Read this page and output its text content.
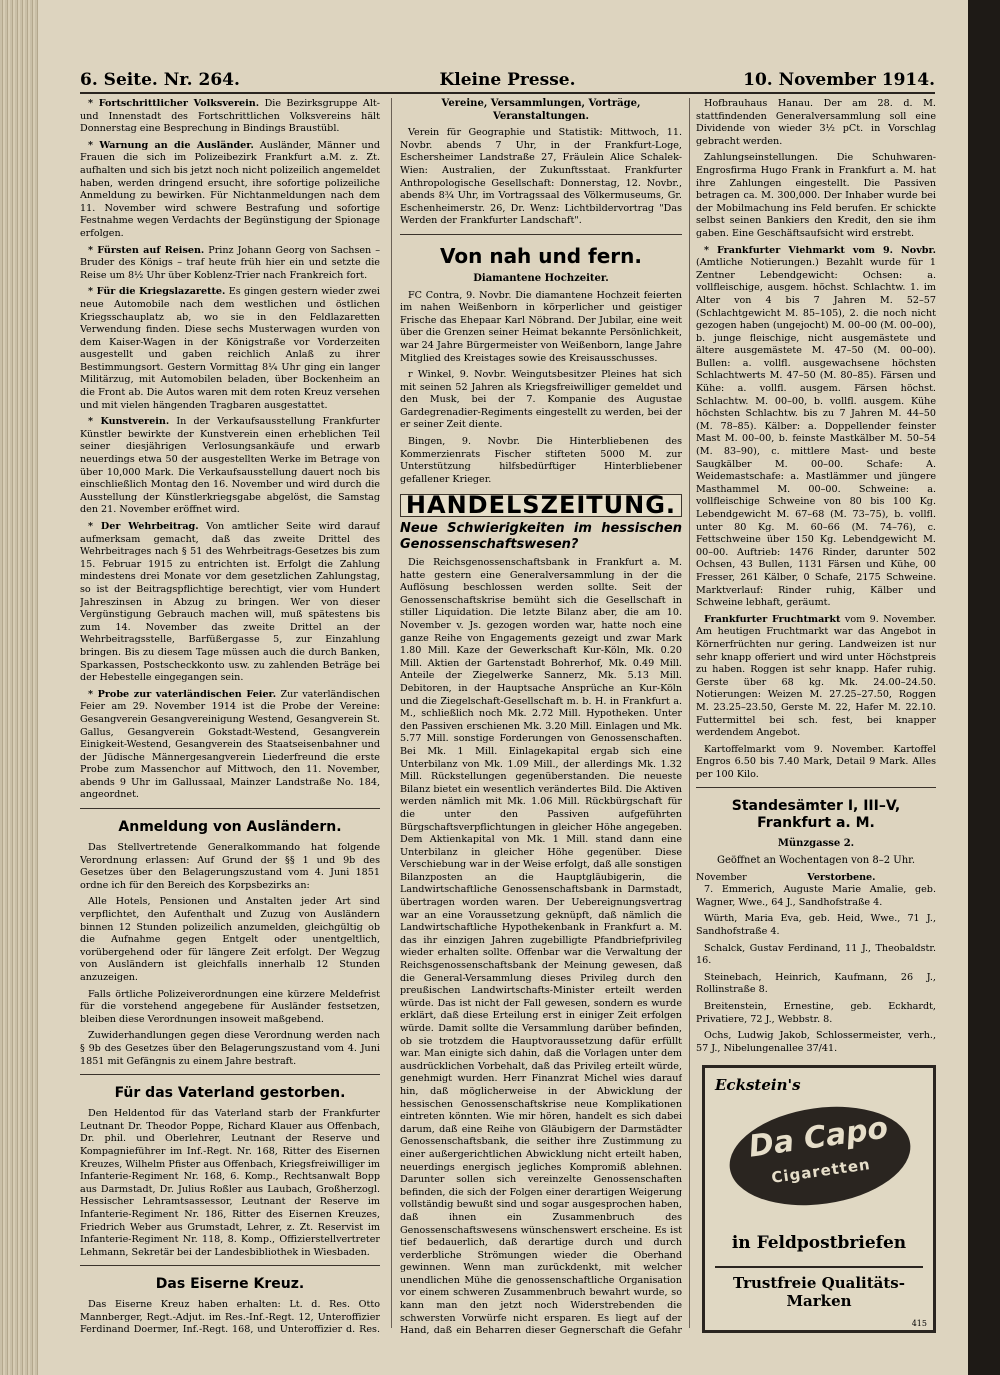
6. Seite. Nr. 264.	Kleine Presse.	10. November 1914.

* Fortschrittlicher Volksverein. Die Bezirksgruppe Alt- und Innenstadt des Fortschrittlichen Volksvereins hält Donnerstag eine Besprechung in Bindings Braustübl.

* Warnung an die Ausländer. Ausländer, Männer und Frauen die sich im Polizeibezirk Frankfurt a.M. z. Zt. aufhalten und sich bis jetzt noch nicht polizeilich angemeldet haben, werden dringend ersucht, ihre sofortige polizeiliche Anmeldung zu bewirken. Für Nichtanmeldungen nach dem 11. November wird schwere Bestrafung und sofortige Festnahme wegen Verdachts der Begünstigung der Spionage erfolgen.

* Fürsten auf Reisen. Prinz Johann Georg von Sachsen – Bruder des Königs – traf heute früh hier ein und setzte die Reise um 8½ Uhr über Koblenz-Trier nach Frankreich fort.

* Für die Kriegslazarette. Es gingen gestern wieder zwei neue Automobile nach dem westlichen und östlichen Kriegsschauplatz ab, wo sie in den Feldlazaretten Verwendung finden. Diese sechs Musterwagen wurden von dem Kaiser-Wagen in der Königstraße vor Vorderzeiten ausgestellt und gaben reichlich Anlaß zu ihrer Bestimmungsort. Gestern Vormittag 8¼ Uhr ging ein langer Militärzug, mit Automobilen beladen, über Bockenheim an die Front ab. Die Autos waren mit dem roten Kreuz versehen und mit vielen hängenden Tragbaren ausgestattet.

* Kunstverein. In der Verkaufsausstellung Frankfurter Künstler bewirkte der Kunstverein einen erheblichen Teil seiner diesjährigen Verlosungsankäufe und erwarb neuerdings etwa 50 der ausgestellten Werke im Betrage von über 10,000 Mark. Die Verkaufsausstellung dauert noch bis einschließlich Montag den 16. November und wird durch die Ausstellung der Künstlerkriegsgabe abgelöst, die Samstag den 21. November eröffnet wird.

* Der Wehrbeitrag. Von amtlicher Seite wird darauf aufmerksam gemacht, daß das zweite Drittel des Wehrbeitrages nach § 51 des Wehrbeitrags-Gesetzes bis zum 15. Februar 1915 zu entrichten ist. Erfolgt die Zahlung mindestens drei Monate vor dem gesetzlichen Zahlungstag, so ist der Beitragspflichtige berechtigt, vier vom Hundert Jahreszinsen in Abzug zu bringen. Wer von dieser Vergünstigung Gebrauch machen will, muß spätestens bis zum 14. November das zweite Drittel an der Wehrbeitragsstelle, Barfüßergasse 5, zur Einzahlung bringen. Bis zu diesem Tage müssen auch die durch Banken, Sparkassen, Postscheckkonto usw. zu zahlenden Beträge bei der Hebestelle eingegangen sein.

* Probe zur vaterländischen Feier. Zur vaterländischen Feier am 29. November 1914 ist die Probe der Vereine: Gesangverein Gesangvereinigung Westend, Gesangverein St. Gallus, Gesangverein Gokstadt-Westend, Gesangverein Einigkeit-Westend, Gesangverein des Staatseisenbahner und der Jüdische Männergesangverein Liederfreund die erste Probe zum Massenchor auf Mittwoch, den 11. November, abends 9 Uhr im Gallussaal, Mainzer Landstraße No. 184, angeordnet.

Anmeldung von Ausländern.

Das Stellvertretende Generalkommando hat folgende Verordnung erlassen: Auf Grund der §§ 1 und 9b des Gesetzes über den Belagerungszustand vom 4. Juni 1851 ordne ich für den Bereich des Korpsbezirks an:

Alle Hotels, Pensionen und Anstalten jeder Art sind verpflichtet, den Aufenthalt und Zuzug von Ausländern binnen 12 Stunden polizeilich anzumelden, gleichgültig ob die Aufnahme gegen Entgelt oder unentgeltlich, vorübergehend oder für längere Zeit erfolgt. Der Wegzug von Ausländern ist gleichfalls innerhalb 12 Stunden anzuzeigen.

Falls örtliche Polizeiverordnungen eine kürzere Meldefrist für die vorstehend angegebene für Ausländer festsetzen, bleiben diese Verordnungen insoweit maßgebend.

Zuwiderhandlungen gegen diese Verordnung werden nach § 9b des Gesetzes über den Belagerungszustand vom 4. Juni 1851 mit Gefängnis zu einem Jahre bestraft.

Für das Vaterland gestorben.

Den Heldentod für das Vaterland starb der Frankfurter Leutnant Dr. Theodor Poppe, Richard Klauer aus Offenbach, Dr. phil. und Oberlehrer, Leutnant der Reserve und Kompagnieführer im Inf.-Regt. Nr. 168, Ritter des Eisernen Kreuzes, Wilhelm Pfister aus Offenbach, Kriegsfreiwilliger im Infanterie-Regiment Nr. 168, 6. Komp., Rechtsanwalt Bopp aus Darmstadt, Dr. Julius Roßler aus Laubach, Großherzogl. Hessischer Lehramtsassessor, Leutnant der Reserve im Infanterie-Regiment Nr. 186, Ritter des Eisernen Kreuzes, Friedrich Weber aus Grumstadt, Lehrer, z. Zt. Reservist im Infanterie-Regiment Nr. 118, 8. Komp., Offizierstellvertreter Lehmann, Sekretär bei der Landesbibliothek in Wiesbaden.

Das Eiserne Kreuz.

Das Eiserne Kreuz haben erhalten: Lt. d. Res. Otto Mannberger, Regt.-Adjut. im Res.-Inf.-Regt. 12, Unteroffizier Ferdinand Doermer, Inf.-Regt. 168, und Unteroffizier d. Res.

Vereine, Versammlungen, Vorträge, Veranstaltungen.

Verein für Geographie und Statistik: Mittwoch, 11. Novbr. abends 7 Uhr, in der Frankfurt-Loge, Eschersheimer Landstraße 27, Fräulein Alice Schalek-Wien: Australien, der Zukunftsstaat. Frankfurter Anthropologische Gesellschaft: Donnerstag, 12. Novbr., abends 8¾ Uhr, im Vortragssaal des Völkermuseums, Gr. Eschenheimerstr. 26, Dr. Wenz: Lichtbildervortrag "Das Werden der Frankfurter Landschaft".

Von nah und fern.
Diamantene Hochzeiter.

FC Contra, 9. Novbr. Die diamantene Hochzeit feierten im nahen Weißenborn in körperlicher und geistiger Frische das Ehepaar Karl Nöbrand. Der Jubilar, eine weit über die Grenzen seiner Heimat bekannte Persönlichkeit, war 24 Jahre Bürgermeister von Weißenborn, lange Jahre Mitglied des Kreistages sowie des Kreisausschusses.

r Winkel, 9. Novbr. Weingutsbesitzer Pleines hat sich mit seinen 52 Jahren als Kriegsfreiwilliger gemeldet und den Musk, bei der 7. Kompanie des Augustae Gardegrenadier-Regiments eingestellt zu werden, bei der er seiner Zeit diente.

Bingen, 9. Novbr. Die Hinterbliebenen des Kommerzienrats Fischer stifteten 5000 M. zur Unterstützung hilfsbedürftiger Hinterbliebener gefallener Krieger.

HANDELSZEITUNG.
Neue Schwierigkeiten im hessischen Genossenschaftswesen?

Die Reichsgenossenschaftsbank in Frankfurt a. M. hatte gestern eine Generalversammlung in der die Auflösung beschlossen werden sollte. Seit der Genossenschaftskrise bemüht sich die Gesellschaft in stiller Liquidation. Die letzte Bilanz aber, die am 10. November v. Js. gezogen worden war, hatte noch eine ganze Reihe von Engagements gezeigt und zwar Mark 1.80 Mill. Kaze der Gewerkschaft Kur-Köln, Mk. 0.20 Mill. Aktien der Gartenstadt Bohrerhof, Mk. 0.49 Mill. Anteile der Ziegelwerke Sannerz, Mk. 5.13 Mill. Debitoren, in der Hauptsache Ansprüche an Kur-Köln und die Ziegelschaft-Gesellschaft m. b. H. in Frankfurt a. M., schließlich noch Mk. 2.72 Mill. Hypotheken. Unter den Passiven erschienen Mk. 3.20 Mill. Einlagen und Mk. 5.77 Mill. sonstige Forderungen von Genossenschaften. Bei Mk. 1 Mill. Einlagekapital ergab sich eine Unterbilanz von Mk. 1.09 Mill., der allerdings Mk. 1.32 Mill. Rückstellungen gegenüberstanden. Die neueste Bilanz bietet ein wesentlich verändertes Bild. Die Aktiven werden nämlich mit Mk. 1.06 Mill. Rückbürgschaft für die unter den Passiven aufgeführten Bürgschaftsverpflichtungen in gleicher Höhe angegeben. Dem Aktienkapital von Mk. 1 Mill. stand dann eine Unterbilanz in gleicher Höhe gegenüber. Diese Verschiebung war in der Weise erfolgt, daß alle sonstigen Bilanzposten an die Hauptgläubigerin, die Landwirtschaftliche Genossenschaftsbank in Darmstadt, übertragen worden waren. Der Uebereignungsvertrag war an eine Voraussetzung geknüpft, daß nämlich die Landwirtschaftliche Hypothekenbank in Frankfurt a. M. das ihr einzigen Jahren zugebilligte Pfandbriefprivileg wieder erhalten sollte. Offenbar war die Verwaltung der Reichsgenossenschaftsbank der Meinung gewesen, daß die General-Versammlung dieses Privileg durch den preußischen Landwirtschafts-Minister erteilt werden würde. Das ist nicht der Fall gewesen, sondern es wurde erklärt, daß diese Erteilung erst in einiger Zeit erfolgen würde. Damit sollte die Versammlung darüber befinden, ob sie trotzdem die Hauptvoraussetzung dafür erfüllt war. Man einigte sich dahin, daß die Vorlagen unter dem ausdrücklichen Vorbehalt, daß das Privileg erteilt würde, genehmigt wurden. Herr Finanzrat Michel wies darauf hin, daß möglicherweise in der Abwicklung der hessischen Genossenschaftskrise neue Komplikationen eintreten könnten. Wie mir hören, handelt es sich dabei darum, daß eine Reihe von Gläubigern der Darmstädter Genossenschaftsbank, die seither ihre Zustimmung zu einer außergerichtlichen Abwicklung nicht erteilt haben, neuerdings energisch jegliches Kompromiß ablehnen. Darunter sollen sich vereinzelte Genossenschaften befinden, die sich der Folgen einer derartigen Weigerung vollständig bewußt sind und sogar ausgesprochen haben, daß ihnen ein Zusammenbruch des Genossenschaftswesens wünschenswert erscheine. Es ist tief bedauerlich, daß derartige durch und durch verderbliche Strömungen wieder die Oberhand gewinnen. Wenn man zurückdenkt, mit welcher unendlichen Mühe die genossenschaftliche Organisation vor einem schweren Zusammenbruch bewahrt wurde, so kann man den jetzt noch Widerstrebenden die schwersten Vorwürfe nicht ersparen. Es liegt auf der Hand, daß ein Beharren dieser Gegnerschaft die Gefahr

Hofbrauhaus Hanau. Der am 28. d. M. stattfindenden Generalversammlung soll eine Dividende von wieder 3½ pCt. in Vorschlag gebracht werden.

Zahlungseinstellungen. Die Schuhwaren-Engrosfirma Hugo Frank in Frankfurt a. M. hat ihre Zahlungen eingestellt. Die Passiven betragen ca. M. 300,000. Der Inhaber wurde bei der Mobilmachung ins Feld berufen. Er schickte selbst seinen Bankiers den Kredit, den sie ihm gaben. Eine Geschäftsaufsicht wird erstrebt.

* Frankfurter Viehmarkt vom 9. Novbr. (Amtliche Notierungen.) Bezahlt wurde für 1 Zentner Lebendgewicht: Ochsen: a. vollfleischige, ausgem. höchst. Schlachtw. 1. im Alter von 4 bis 7 Jahren M. 52–57 (Schlachtgewicht M. 85–105), 2. die noch nicht gezogen haben (ungejocht) M. 00–00 (M. 00–00), b. junge fleischige, nicht ausgemästete und ältere ausgemästete M. 47–50 (M. 00–00). Bullen: a. vollfl. ausgewachsene höchsten Schlachtwerts M. 47–50 (M. 80–85). Färsen und Kühe: a. vollfl. ausgem. Färsen höchst. Schlachtw. M. 00–00, b. vollfl. ausgem. Kühe höchsten Schlachtw. bis zu 7 Jahren M. 44–50 (M. 78–85). Kälber: a. Doppellender feinster Mast M. 00–00, b. feinste Mastkälber M. 50–54 (M. 83–90), c. mittlere Mast- und beste Saugkälber M. 00–00. Schafe: A. Weidemastschafe: a. Mastlämmer und jüngere Masthammel M. 00–00. Schweine: a. vollfleischige Schweine von 80 bis 100 Kg. Lebendgewicht M. 67–68 (M. 73–75), b. vollfl. unter 80 Kg. M. 60–66 (M. 74–76), c. Fettschweine über 150 Kg. Lebendgewicht M. 00–00. Auftrieb: 1476 Rinder, darunter 502 Ochsen, 43 Bullen, 1131 Färsen und Kühe, 00 Fresser, 261 Kälber, 0 Schafe, 2175 Schweine. Marktverlauf: Rinder ruhig, Kälber und Schweine lebhaft, geräumt.

Frankfurter Fruchtmarkt vom 9. November. Am heutigen Fruchtmarkt war das Angebot in Körnerfrüchten nur gering. Landweizen ist nur sehr knapp offeriert und wird unter Höchstpreis zu haben. Roggen ist sehr knapp. Hafer ruhig. Gerste über 68 kg. Mk. 24.00–24.50. Notierungen: Weizen M. 27.25–27.50, Roggen M. 23.25–23.50, Gerste M. 22, Hafer M. 22.10. Futtermittel bei sch. fest, bei knapper werdendem Angebot.

Kartoffelmarkt vom 9. November. Kartoffel Engros 6.50 bis 7.40 Mark, Detail 9 Mark. Alles per 100 Kilo.

Standesämter I, III–V, Frankfurt a. M.
Münzgasse 2.
Geöffnet an Wochentagen von 8–2 Uhr.
November	Verstorbene.

7. Emmerich, Auguste Marie Amalie, geb. Wagner, Wwe., 64 J., Sandhofstraße 4.

Würth, Maria Eva, geb. Heid, Wwe., 71 J., Sandhofstraße 4.

Schalck, Gustav Ferdinand, 11 J., Theobaldstr. 16.

Steinebach, Heinrich, Kaufmann, 26 J., Rollinstraße 8.

Breitenstein, Ernestine, geb. Eckhardt, Privatiere, 72 J., Webbstr. 8.

Ochs, Ludwig Jakob, Schlossermeister, verh., 57 J., Nibelungenallee 37/41.

Eckstein's
Da Capo
Cigaretten
in Feldpostbriefen
Trustfreie Qualitäts-Marken
415
